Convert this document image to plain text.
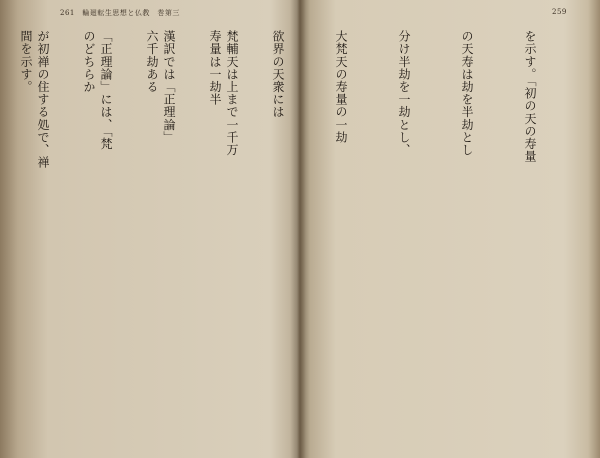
261　輪廻転生思想と仏教　巻第三

梵輔天は上まで一千万

漢訳では「正理論」

「正理論」には、「梵

が初禅の住する処で、禅

259

を示す。「初の天の寿量

の天寿は劫を半劫とし

分け半劫を一劫とし、

大梵天の寿量の一劫

欲界の天衆には

寿量は一劫半

六千劫ある

のどちらか

間を示す。
